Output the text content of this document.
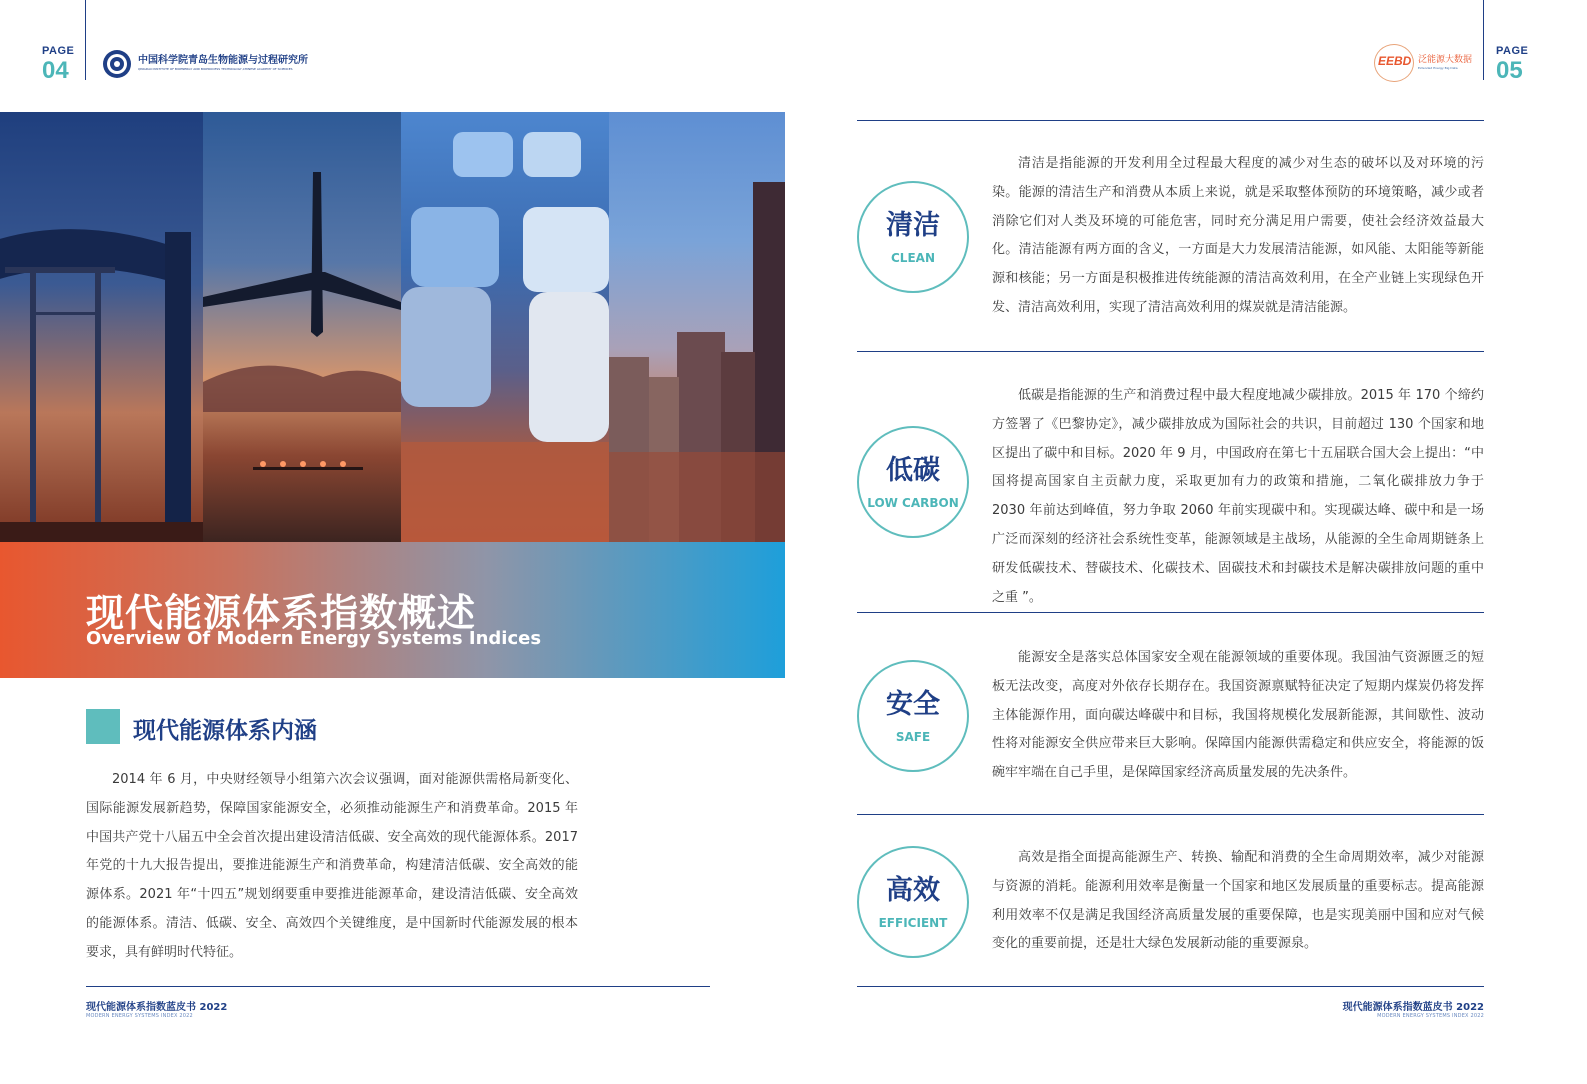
PAGE
04	中国科学院青岛生物能源与过程研究所
QINGDAO INSTITUTE OF BIOENERGY AND BIOPROCESS TECHNOLOGY,CHINESE ACADEMY OF SCIENCES
现代能源体系指数概述
Overview Of Modern Energy Systems Indices
现代能源体系内涵
2014 年 6 月，中央财经领导小组第六次会议强调，面对能源供需格局新变化、国际能源发展新趋势，保障国家能源安全，必须推动能源生产和消费革命。2015 年中国共产党十八届五中全会首次提出建设清洁低碳、安全高效的现代能源体系。2017 年党的十九大报告提出，要推进能源生产和消费革命，构建清洁低碳、安全高效的能源体系。2021 年“十四五”规划纲要重申要推进能源革命，建设清洁低碳、安全高效的能源体系。清洁、低碳、安全、高效四个关键维度，是中国新时代能源发展的根本要求，具有鲜明时代特征。
现代能源体系指数蓝皮书 2022
MODERN ENERGY SYSTEMS INDEX 2022
PAGE
05
EEBD 泛能源大数据
Extended Energy Big Data
清洁
CLEAN
清洁是指能源的开发利用全过程最大程度的减少对生态的破坏以及对环境的污染。能源的清洁生产和消费从本质上来说，就是采取整体预防的环境策略，减少或者消除它们对人类及环境的可能危害，同时充分满足用户需要，使社会经济效益最大化。清洁能源有两方面的含义，一方面是大力发展清洁能源，如风能、太阳能等新能源和核能；另一方面是积极推进传统能源的清洁高效利用，在全产业链上实现绿色开发、清洁高效利用，实现了清洁高效利用的煤炭就是清洁能源。
低碳
LOW CARBON
低碳是指能源的生产和消费过程中最大程度地减少碳排放。2015 年 170 个缔约方签署了《巴黎协定》，减少碳排放成为国际社会的共识，目前超过 130 个国家和地区提出了碳中和目标。2020 年 9 月，中国政府在第七十五届联合国大会上提出：“中国将提高国家自主贡献力度，采取更加有力的政策和措施，二氧化碳排放力争于 2030 年前达到峰值，努力争取 2060 年前实现碳中和。实现碳达峰、碳中和是一场广泛而深刻的经济社会系统性变革，能源领域是主战场，从能源的全生命周期链条上研发低碳技术、替碳技术、化碳技术、固碳技术和封碳技术是解决碳排放问题的重中之重 ”。
安全
SAFE
能源安全是落实总体国家安全观在能源领域的重要体现。我国油气资源匮乏的短板无法改变，高度对外依存长期存在。我国资源禀赋特征决定了短期内煤炭仍将发挥主体能源作用，面向碳达峰碳中和目标，我国将规模化发展新能源，其间歇性、波动性将对能源安全供应带来巨大影响。保障国内能源供需稳定和供应安全，将能源的饭碗牢牢端在自己手里，是保障国家经济高质量发展的先决条件。
高效
EFFICIENT
高效是指全面提高能源生产、转换、输配和消费的全生命周期效率，减少对能源与资源的消耗。能源利用效率是衡量一个国家和地区发展质量的重要标志。提高能源利用效率不仅是满足我国经济高质量发展的重要保障，也是实现美丽中国和应对气候变化的重要前提，还是壮大绿色发展新动能的重要源泉。
现代能源体系指数蓝皮书 2022
MODERN ENERGY SYSTEMS INDEX 2022
